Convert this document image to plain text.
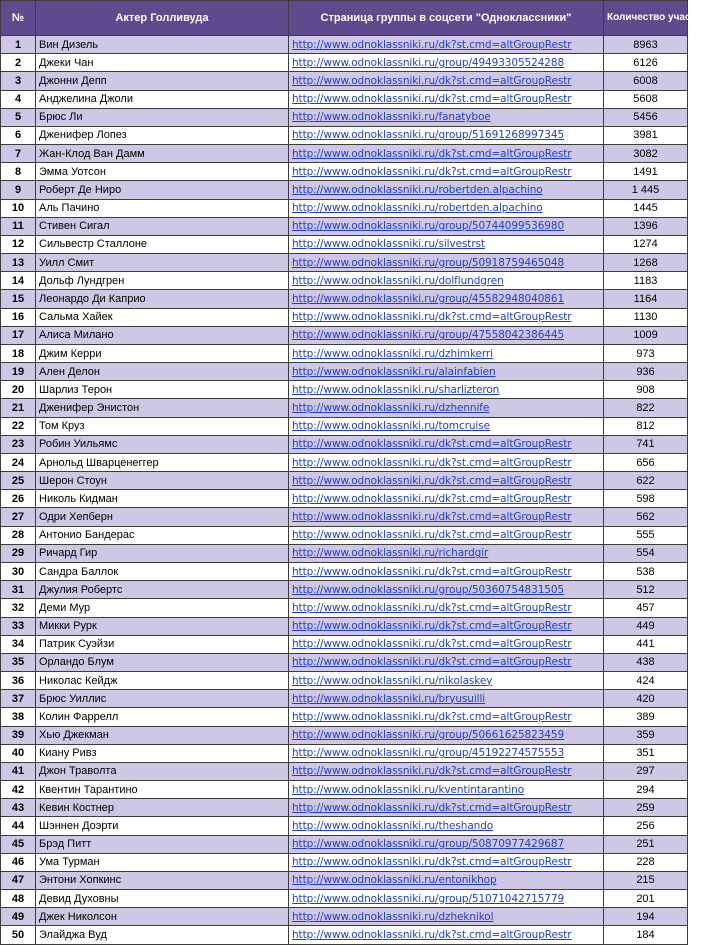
№	Актер Голливуда	Страница группы в соцсети "Одноклассники"	Количество участников
1	Вин Дизель	http://www.odnoklassniki.ru/dk?st.cmd=altGroupRestr	8963
2	Джеки Чан	http://www.odnoklassniki.ru/group/49493305524288	6126
3	Джонни Депп	http://www.odnoklassniki.ru/dk?st.cmd=altGroupRestr	6008
4	Анджелина Джоли	http://www.odnoklassniki.ru/dk?st.cmd=altGroupRestr	5608
5	Брюс Ли	http://www.odnoklassniki.ru/fanatyboe	5456
6	Дженифер Лопез	http://www.odnoklassniki.ru/group/51691268997345	3981
7	Жан-Клод Ван Дамм	http://www.odnoklassniki.ru/dk?st.cmd=altGroupRestr	3082
8	Эмма Уотсон	http://www.odnoklassniki.ru/dk?st.cmd=altGroupRestr	1491
9	Роберт Де Ниро	http://www.odnoklassniki.ru/robertden.alpachino	1 445
10	Аль Пачино	http://www.odnoklassniki.ru/robertden.alpachino	1445
11	Стивен Сигал	http://www.odnoklassniki.ru/group/50744099536980	1396
12	Сильвестр Сталлоне	http://www.odnoklassniki.ru/silvestrst	1274
13	Уилл Смит	http://www.odnoklassniki.ru/group/50918759465048	1268
14	Дольф Лундгрен	http://www.odnoklassniki.ru/dolflundgren	1183
15	Леонардо Ди Каприо	http://www.odnoklassniki.ru/group/45582948040861	1164
16	Сальма Хайек	http://www.odnoklassniki.ru/dk?st.cmd=altGroupRestr	1130
17	Алиса Милано	http://www.odnoklassniki.ru/group/47558042386445	1009
18	Джим Керри	http://www.odnoklassniki.ru/dzhimkerri	973
19	Ален Делон	http://www.odnoklassniki.ru/alainfabien	936
20	Шарлиз Терон	http://www.odnoklassniki.ru/sharlizteron	908
21	Дженифер Энистон	http://www.odnoklassniki.ru/dzhennife	822
22	Том Круз	http://www.odnoklassniki.ru/tomcruise	812
23	Робин Уильямс	http://www.odnoklassniki.ru/dk?st.cmd=altGroupRestr	741
24	Арнольд Шварценеггер	http://www.odnoklassniki.ru/dk?st.cmd=altGroupRestr	656
25	Шерон Стоун	http://www.odnoklassniki.ru/dk?st.cmd=altGroupRestr	622
26	Николь Кидман	http://www.odnoklassniki.ru/dk?st.cmd=altGroupRestr	598
27	Одри Хепберн	http://www.odnoklassniki.ru/dk?st.cmd=altGroupRestr	562
28	Антонио Бандерас	http://www.odnoklassniki.ru/dk?st.cmd=altGroupRestr	555
29	Ричард Гир	http://www.odnoklassniki.ru/richardgir	554
30	Сандра Баллок	http://www.odnoklassniki.ru/dk?st.cmd=altGroupRestr	538
31	Джулия Робертс	http://www.odnoklassniki.ru/group/50360754831505	512
32	Деми Мур	http://www.odnoklassniki.ru/dk?st.cmd=altGroupRestr	457
33	Микки Рурк	http://www.odnoklassniki.ru/dk?st.cmd=altGroupRestr	449
34	Патрик Суэйзи	http://www.odnoklassniki.ru/dk?st.cmd=altGroupRestr	441
35	Орландо Блум	http://www.odnoklassniki.ru/dk?st.cmd=altGroupRestr	438
36	Николас Кейдж	http://www.odnoklassniki.ru/nikolaskey	424
37	Брюс Уиллис	http://www.odnoklassniki.ru/bryusuilli	420
38	Колин Фаррелл	http://www.odnoklassniki.ru/dk?st.cmd=altGroupRestr	389
39	Хью Джекман	http://www.odnoklassniki.ru/group/50661625823459	359
40	Киану Ривз	http://www.odnoklassniki.ru/group/45192274575553	351
41	Джон Траволта	http://www.odnoklassniki.ru/dk?st.cmd=altGroupRestr	297
42	Квентин Тарантино	http://www.odnoklassniki.ru/kventintarantino	294
43	Кевин Костнер	http://www.odnoklassniki.ru/dk?st.cmd=altGroupRestr	259
44	Шэннен Доэрти	http://www.odnoklassniki.ru/theshando	256
45	Брэд Питт	http://www.odnoklassniki.ru/group/50870977429687	251
46	Ума Турман	http://www.odnoklassniki.ru/dk?st.cmd=altGroupRestr	228
47	Энтони Хопкинс	http://www.odnoklassniki.ru/entonikhop	215
48	Девид Духовны	http://www.odnoklassniki.ru/group/51071042715779	201
49	Джек Николсон	http://www.odnoklassniki.ru/dzheknikol	194
50	Элайджа Вуд	http://www.odnoklassniki.ru/dk?st.cmd=altGroupRestr	184
